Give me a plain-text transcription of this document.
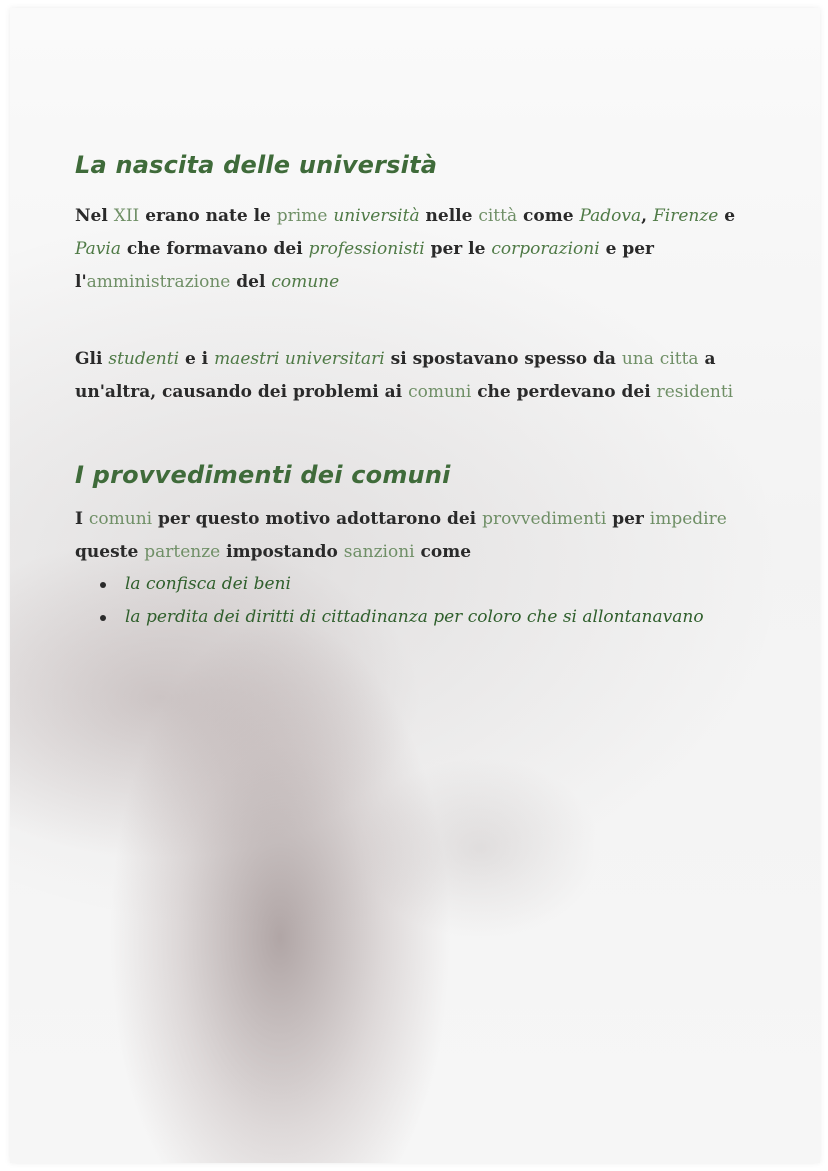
La nascita delle università

Nel XII erano nate le prime università nelle città come Padova, Firenze e Pavia che formavano dei professionisti per le corporazioni e per l'amministrazione del comune

Gli studenti e i maestri universitari si spostavano spesso da una citta a un'altra, causando dei problemi ai comuni che perdevano dei residenti

I provvedimenti dei comuni

I comuni per questo motivo adottarono dei provvedimenti per impedire queste partenze impostando sanzioni come

la confisca dei beni
la perdita dei diritti di cittadinanza per coloro che si allontanavano
